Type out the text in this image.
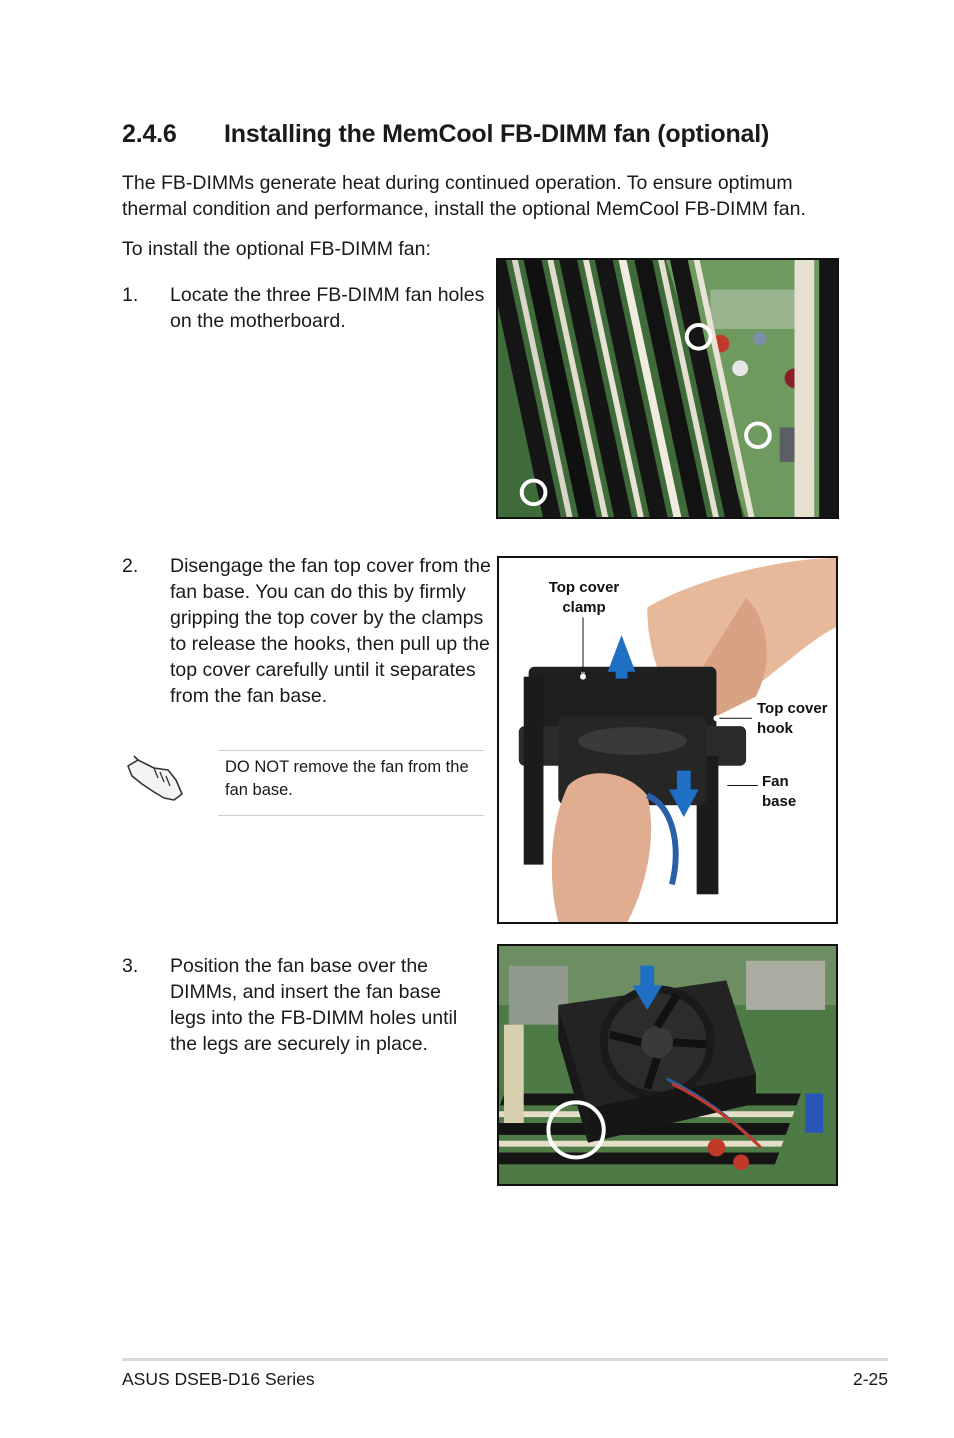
2.4.6 Installing the MemCool FB-DIMM fan (optional)
The FB-DIMMs generate heat during continued operation. To ensure optimum
thermal condition and performance, install the optional MemCool FB-DIMM fan.
To install the optional FB-DIMM fan:
1. Locate the three FB-DIMM fan holes
on the motherboard.
2. Disengage the fan top cover from the
fan base. You can do this by firmly
gripping the top cover by the clamps
to release the hooks, then pull up the
top cover carefully until it separates
from the fan base.
DO NOT remove the fan from the
fan base.
Top cover
clamp
Top cover
hook
Fan
base
3. Position the fan base over the
DIMMs, and insert the fan base
legs into the FB-DIMM holes until
the legs are securely in place.
ASUS DSEB-D16 Series	2-25
